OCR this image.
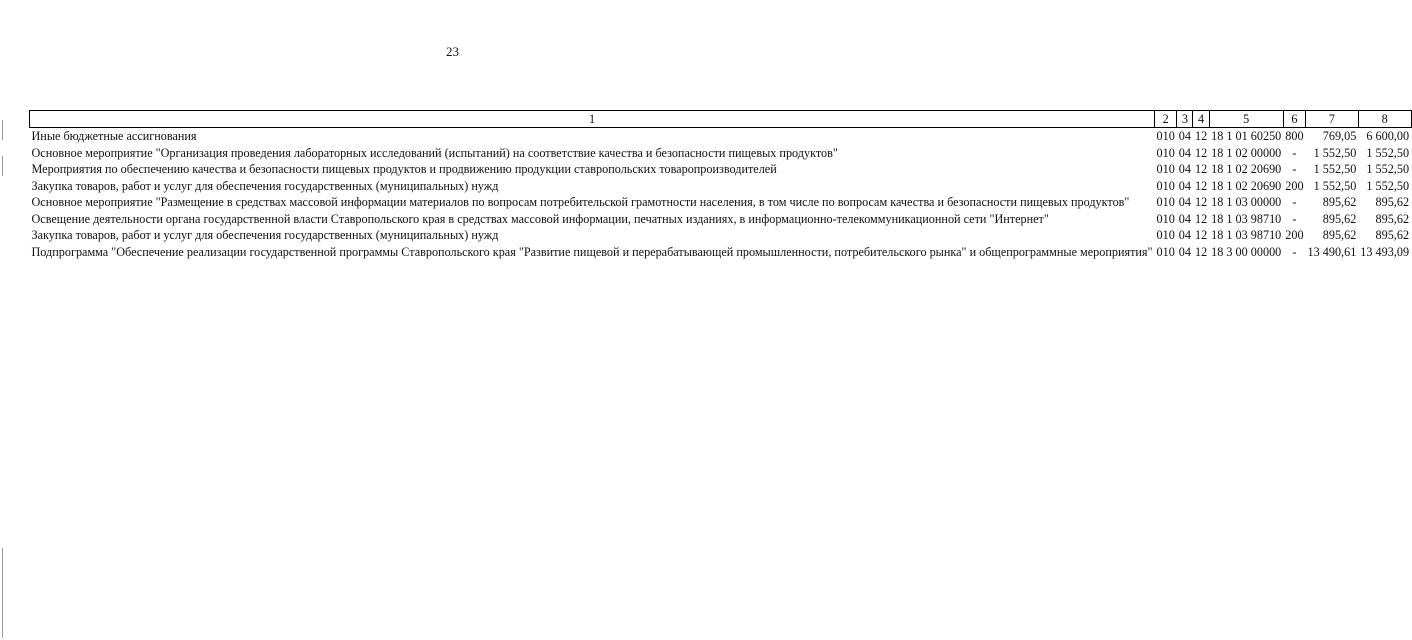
23
1	2	3	4	5	6	7	8
Иные бюджетные ассигнования	010	04	12	18 1 01 60250	800	769,05	6 600,00
Основное мероприятие "Организация проведения лабораторных исследований (испытаний) на соответствие качества и безопасности пищевых продуктов"	010	04	12	18 1 02 00000	-	1 552,50	1 552,50
Мероприятия по обеспечению качества и безопасности пищевых продуктов и продвижению продукции ставропольских товаропроизводителей	010	04	12	18 1 02 20690	-	1 552,50	1 552,50
Закупка товаров, работ и услуг для обеспечения государственных (муниципальных) нужд	010	04	12	18 1 02 20690	200	1 552,50	1 552,50
Основное мероприятие "Размещение в средствах массовой информации материалов по вопросам потребительской грамотности населения, в том числе по вопросам качества и безопасности пищевых продуктов"	010	04	12	18 1 03 00000	-	895,62	895,62
Освещение деятельности органа государственной власти Ставропольского края в средствах массовой информации, печатных изданиях, в информационно-телекоммуникационной сети "Интернет"	010	04	12	18 1 03 98710	-	895,62	895,62
Закупка товаров, работ и услуг для обеспечения государственных (муниципальных) нужд	010	04	12	18 1 03 98710	200	895,62	895,62
Подпрограмма "Обеспечение реализации государственной программы Ставропольского края "Развитие пищевой и перерабатывающей промышленности, потребительского рынка" и общепрограммные мероприятия"	010	04	12	18 3 00 00000	-	13 490,61	13 493,09
